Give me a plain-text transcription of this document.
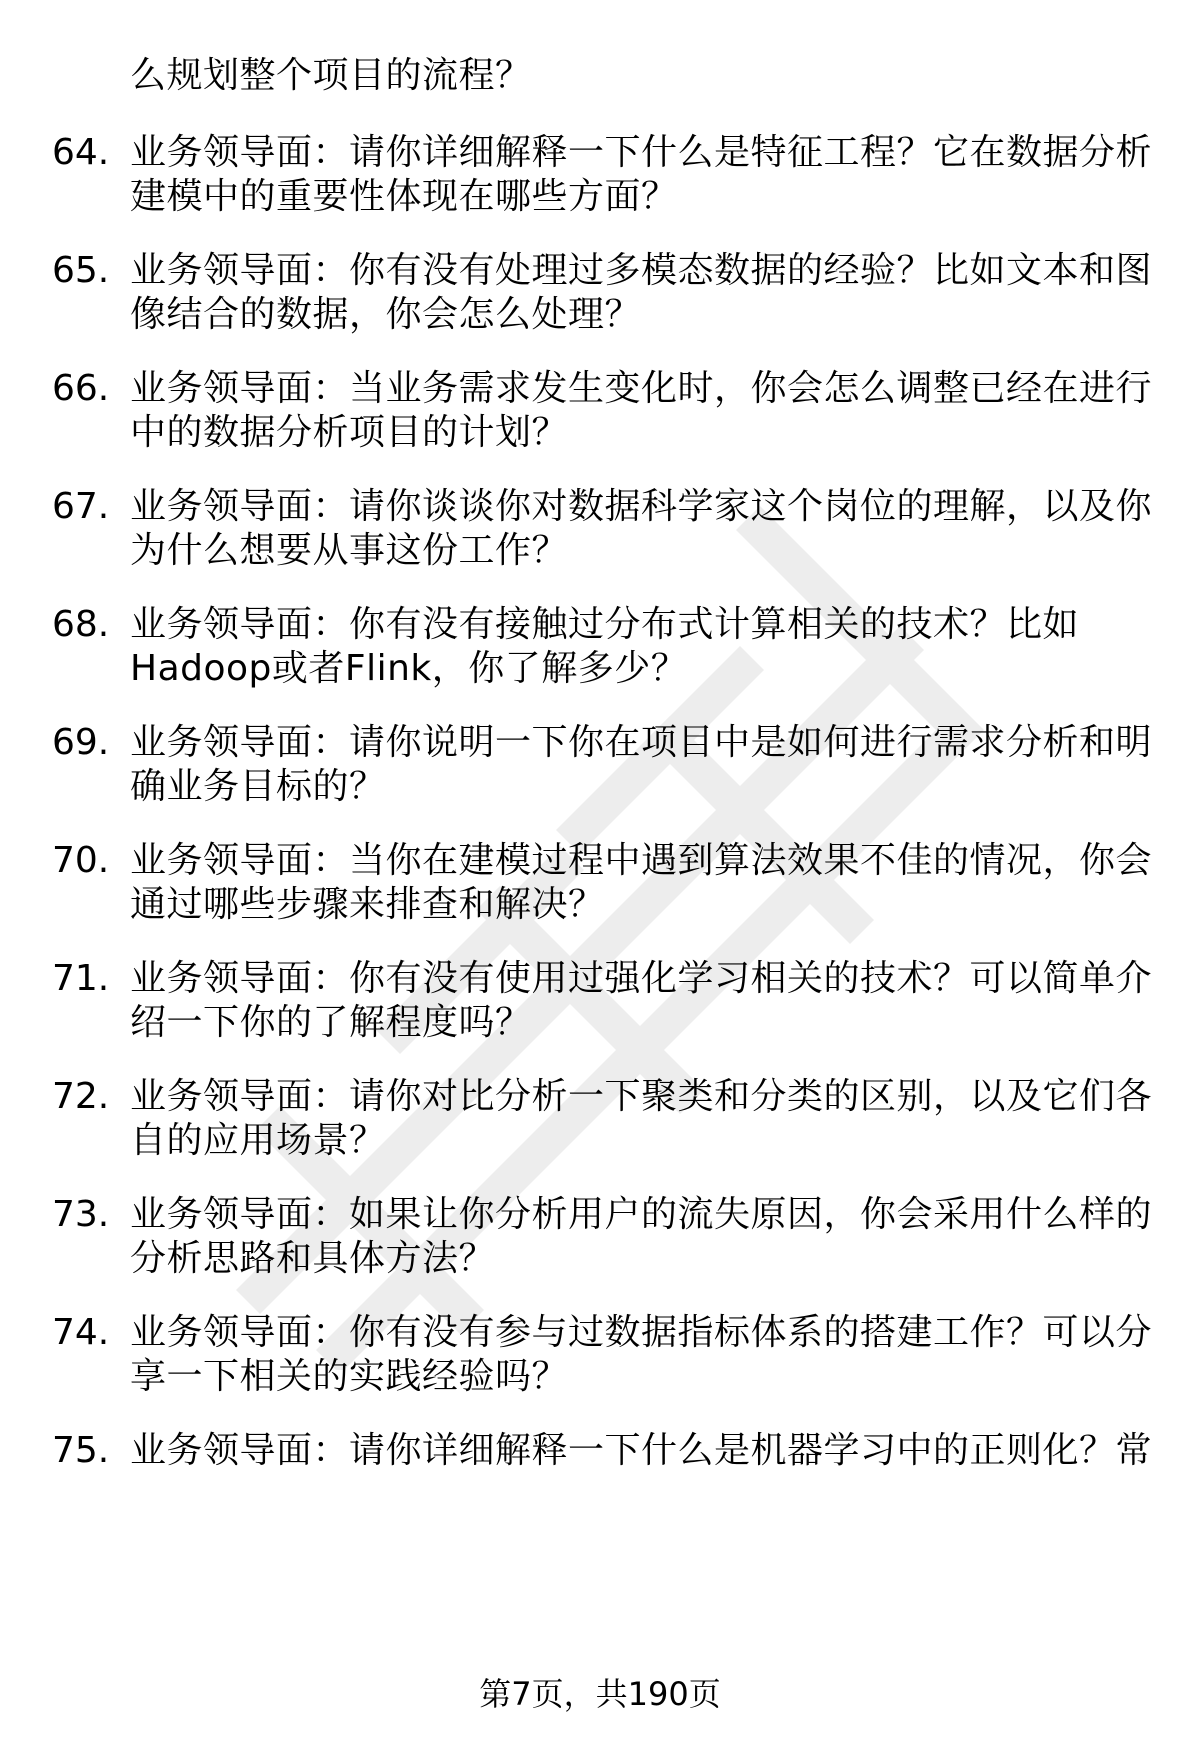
么规划整个项目的流程？
64. 业务领导面：请你详细解释一下什么是特征工程？它在数据分析
建模中的重要性体现在哪些方面？
65. 业务领导面：你有没有处理过多模态数据的经验？比如文本和图
像结合的数据，你会怎么处理？
66. 业务领导面：当业务需求发生变化时，你会怎么调整已经在进行
中的数据分析项目的计划？
67. 业务领导面：请你谈谈你对数据科学家这个岗位的理解，以及你
为什么想要从事这份工作？
68. 业务领导面：你有没有接触过分布式计算相关的技术？比如
Hadoop或者Flink，你了解多少？
69. 业务领导面：请你说明一下你在项目中是如何进行需求分析和明
确业务目标的？
70. 业务领导面：当你在建模过程中遇到算法效果不佳的情况，你会
通过哪些步骤来排查和解决？
71. 业务领导面：你有没有使用过强化学习相关的技术？可以简单介
绍一下你的了解程度吗？
72. 业务领导面：请你对比分析一下聚类和分类的区别，以及它们各
自的应用场景？
73. 业务领导面：如果让你分析用户的流失原因，你会采用什么样的
分析思路和具体方法？
74. 业务领导面：你有没有参与过数据指标体系的搭建工作？可以分
享一下相关的实践经验吗？
75. 业务领导面：请你详细解释一下什么是机器学习中的正则化？常
第7页，共190页
